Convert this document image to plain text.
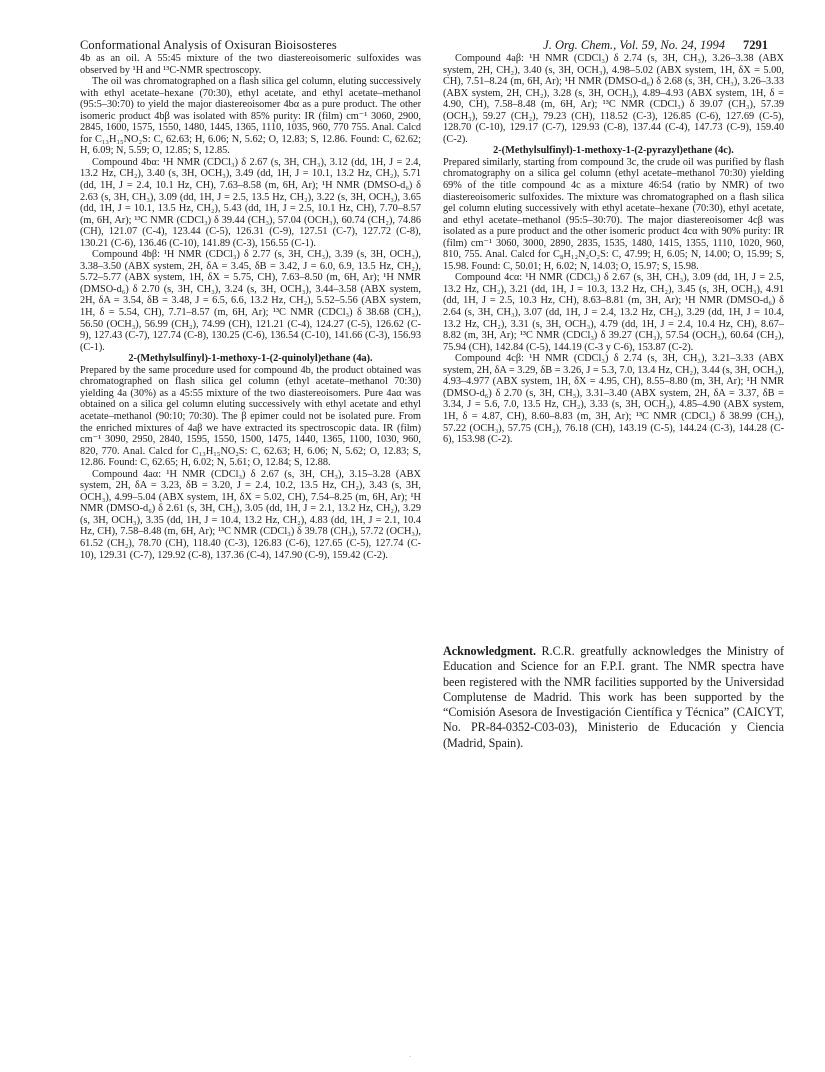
Conformational Analysis of Oxisuran Bioisosteres	J. Org. Chem., Vol. 59, No. 24, 1994 7291

4b as an oil. A 55:45 mixture of the two diastereoisomeric sulfoxides was observed by ¹H and ¹³C-NMR spectroscopy.

The oil was chromatographed on a flash silica gel column, eluting successively with ethyl acetate–hexane (70:30), ethyl acetate, and ethyl acetate–methanol (95:5–30:70) to yield the major diastereoisomer 4bα as a pure product. The other isomeric product 4bβ was isolated with 85% purity: IR (film) cm⁻¹ 3060, 2900, 2845, 1600, 1575, 1550, 1480, 1445, 1365, 1110, 1035, 960, 770 755. Anal. Calcd for C₁₃H₁₅NO₂S: C, 62.63; H, 6.06; N, 5.62; O, 12.83; S, 12.86. Found: C, 62.62; H, 6.09; N, 5.59; O, 12.85; S, 12.85.

Compound 4bα: ¹H NMR (CDCl₃) δ 2.67 (s, 3H, CH₃), 3.12 (dd, 1H, J = 2.4, 13.2 Hz, CH₂), 3.40 (s, 3H, OCH₃), 3.49 (dd, 1H, J = 10.1, 13.2 Hz, CH₂), 5.71 (dd, 1H, J = 2.4, 10.1 Hz, CH), 7.63–8.58 (m, 6H, Ar); ¹H NMR (DMSO-d₆) δ 2.63 (s, 3H, CH₃), 3.09 (dd, 1H, J = 2.5, 13.5 Hz, CH₂), 3.22 (s, 3H, OCH₃), 3.65 (dd, 1H, J = 10.1, 13.5 Hz, CH₂), 5.43 (dd, 1H, J = 2.5, 10.1 Hz, CH), 7.70–8.57 (m, 6H, Ar); ¹³C NMR (CDCl₃) δ 39.44 (CH₃), 57.04 (OCH₃), 60.74 (CH₂), 74.86 (CH), 121.07 (C-4), 123.44 (C-5), 126.31 (C-9), 127.51 (C-7), 127.72 (C-8), 130.21 (C-6), 136.46 (C-10), 141.89 (C-3), 156.55 (C-1).

Compound 4bβ: ¹H NMR (CDCl₃) δ 2.77 (s, 3H, CH₃), 3.39 (s, 3H, OCH₃), 3.38–3.50 (ABX system, 2H, δA = 3.45, δB = 3.42, J = 6.0, 6.9, 13.5 Hz, CH₂), 5.72–5.77 (ABX system, 1H, δX = 5.75, CH), 7.63–8.50 (m, 6H, Ar); ¹H NMR (DMSO-d₆) δ 2.70 (s, 3H, CH₃), 3.24 (s, 3H, OCH₃), 3.44–3.58 (ABX system, 2H, δA = 3.54, δB = 3.48, J = 6.5, 6.6, 13.2 Hz, CH₂), 5.52–5.56 (ABX system, 1H, δ = 5.54, CH), 7.71–8.57 (m, 6H, Ar); ¹³C NMR (CDCl₃) δ 38.68 (CH₃), 56.50 (OCH₃), 56.99 (CH₂), 74.99 (CH), 121.21 (C-4), 124.27 (C-5), 126.62 (C-9), 127.43 (C-7), 127.74 (C-8), 130.25 (C-6), 136.54 (C-10), 141.66 (C-3), 156.93 (C-1).

2-(Methylsulfinyl)-1-methoxy-1-(2-quinolyl)ethane (4a).

Prepared by the same procedure used for compound 4b, the product obtained was chromatographed on flash silica gel column (ethyl acetate–methanol 70:30) yielding 4a (30%) as a 45:55 mixture of the two diastereoisomers. Pure 4aα was obtained on a silica gel column eluting successively with ethyl acetate and ethyl acetate–methanol (90:10; 70:30). The β epimer could not be isolated pure. From the enriched mixtures of 4aβ we have extracted its spectroscopic data. IR (film) cm⁻¹ 3090, 2950, 2840, 1595, 1550, 1500, 1475, 1440, 1365, 1100, 1030, 960, 820, 770. Anal. Calcd for C₁₃H₁₅NO₂S: C, 62.63; H, 6.06; N, 5.62; O, 12.83; S, 12.86. Found: C, 62.65; H, 6.02; N, 5.61; O, 12.84; S, 12.88.

Compound 4aα: ¹H NMR (CDCl₃) δ 2.67 (s, 3H, CH₃), 3.15–3.28 (ABX system, 2H, δA = 3.23, δB = 3.20, J = 2.4, 10.2, 13.5 Hz, CH₂), 3.43 (s, 3H, OCH₃), 4.99–5.04 (ABX system, 1H, δX = 5.02, CH), 7.54–8.25 (m, 6H, Ar); ¹H NMR (DMSO-d₆) δ 2.61 (s, 3H, CH₃), 3.05 (dd, 1H, J = 2.1, 13.2 Hz, CH₂), 3.29 (s, 3H, OCH₃), 3.35 (dd, 1H, J = 10.4, 13.2 Hz, CH₂), 4.83 (dd, 1H, J = 2.1, 10.4 Hz, CH), 7.58–8.48 (m, 6H, Ar); ¹³C NMR (CDCl₃) δ 39.78 (CH₃), 57.72 (OCH₃), 61.52 (CH₂), 78.70 (CH), 118.40 (C-3), 126.83 (C-6), 127.65 (C-5), 127.74 (C-10), 129.31 (C-7), 129.92 (C-8), 137.36 (C-4), 147.90 (C-9), 159.42 (C-2).

Compound 4aβ: ¹H NMR (CDCl₃) δ 2.74 (s, 3H, CH₃), 3.26–3.38 (ABX system, 2H, CH₂), 3.40 (s, 3H, OCH₃), 4.98–5.02 (ABX system, 1H, δX = 5.00, CH), 7.51–8.24 (m, 6H, Ar); ¹H NMR (DMSO-d₆) δ 2.68 (s, 3H, CH₃), 3.26–3.33 (ABX system, 2H, CH₂), 3.28 (s, 3H, OCH₃), 4.89–4.93 (ABX system, 1H, δ = 4.90, CH), 7.58–8.48 (m, 6H, Ar); ¹³C NMR (CDCl₃) δ 39.07 (CH₃), 57.39 (OCH₃), 59.27 (CH₂), 79.23 (CH), 118.52 (C-3), 126.85 (C-6), 127.69 (C-5), 128.70 (C-10), 129.17 (C-7), 129.93 (C-8), 137.44 (C-4), 147.73 (C-9), 159.40 (C-2).

2-(Methylsulfinyl)-1-methoxy-1-(2-pyrazyl)ethane (4c).

Prepared similarly, starting from compound 3c, the crude oil was purified by flash chromatography on a silica gel column (ethyl acetate–methanol 70:30) yielding 69% of the title compound 4c as a mixture 46:54 (ratio by NMR) of two diastereoisomeric sulfoxides. The mixture was chromatographed on a flash silica gel column eluting successively with ethyl acetate–hexane (70:30), ethyl acetate, and ethyl acetate–methanol (95:5–30:70). The major diastereoisomer 4cβ was isolated as a pure product and the other isomeric product 4cα with 90% purity: IR (film) cm⁻¹ 3060, 3000, 2890, 2835, 1535, 1480, 1415, 1355, 1110, 1020, 960, 810, 755. Anal. Calcd for C₈H₁₂N₂O₂S: C, 47.99; H, 6.05; N, 14.00; O, 15.99; S, 15.98. Found: C, 50.01; H, 6.02; N, 14.03; O, 15.97; S, 15.98.

Compound 4cα: ¹H NMR (CDCl₃) δ 2.67 (s, 3H, CH₃), 3.09 (dd, 1H, J = 2.5, 13.2 Hz, CH₂), 3.21 (dd, 1H, J = 10.3, 13.2 Hz, CH₂), 3.45 (s, 3H, OCH₃), 4.91 (dd, 1H, J = 2.5, 10.3 Hz, CH), 8.63–8.81 (m, 3H, Ar); ¹H NMR (DMSO-d₆) δ 2.64 (s, 3H, CH₃), 3.07 (dd, 1H, J = 2.4, 13.2 Hz, CH₂), 3.29 (dd, 1H, J = 10.4, 13.2 Hz, CH₂), 3.31 (s, 3H, OCH₃), 4.79 (dd, 1H, J = 2.4, 10.4 Hz, CH), 8.67–8.82 (m, 3H, Ar); ¹³C NMR (CDCl₃) δ 39.27 (CH₃), 57.54 (OCH₃), 60.64 (CH₂), 75.94 (CH), 142.84 (C-5), 144.19 (C-3 y C-6), 153.87 (C-2).

Compound 4cβ: ¹H NMR (CDCl₃) δ 2.74 (s, 3H, CH₃), 3.21–3.33 (ABX system, 2H, δA = 3.29, δB = 3.26, J = 5.3, 7.0, 13.4 Hz, CH₂), 3.44 (s, 3H, OCH₃), 4.93–4.977 (ABX system, 1H, δX = 4.95, CH), 8.55–8.80 (m, 3H, Ar); ¹H NMR (DMSO-d₆) δ 2.70 (s, 3H, CH₃), 3.31–3.40 (ABX system, 2H, δA = 3.37, δB = 3.34, J = 5.6, 7.0, 13.5 Hz, CH₂), 3.33 (s, 3H, OCH₃), 4.85–4.90 (ABX system, 1H, δ = 4.87, CH), 8.60–8.83 (m, 3H, Ar); ¹³C NMR (CDCl₃) δ 38.99 (CH₃), 57.22 (OCH₃), 57.75 (CH₂), 76.18 (CH), 143.19 (C-5), 144.24 (C-3), 144.28 (C-6), 153.98 (C-2).

Acknowledgment. R.C.R. greatfully acknowledges the Ministry of Education and Science for an F.P.I. grant. The NMR spectra have been registered with the NMR facilities supported by the Universidad Complutense de Madrid. This work has been supported by the “Comisión Asesora de Investigación Científica y Técnica” (CAICYT, No. PR-84-0352-C03-03), Ministerio de Educación y Ciencia (Madrid, Spain).
·
